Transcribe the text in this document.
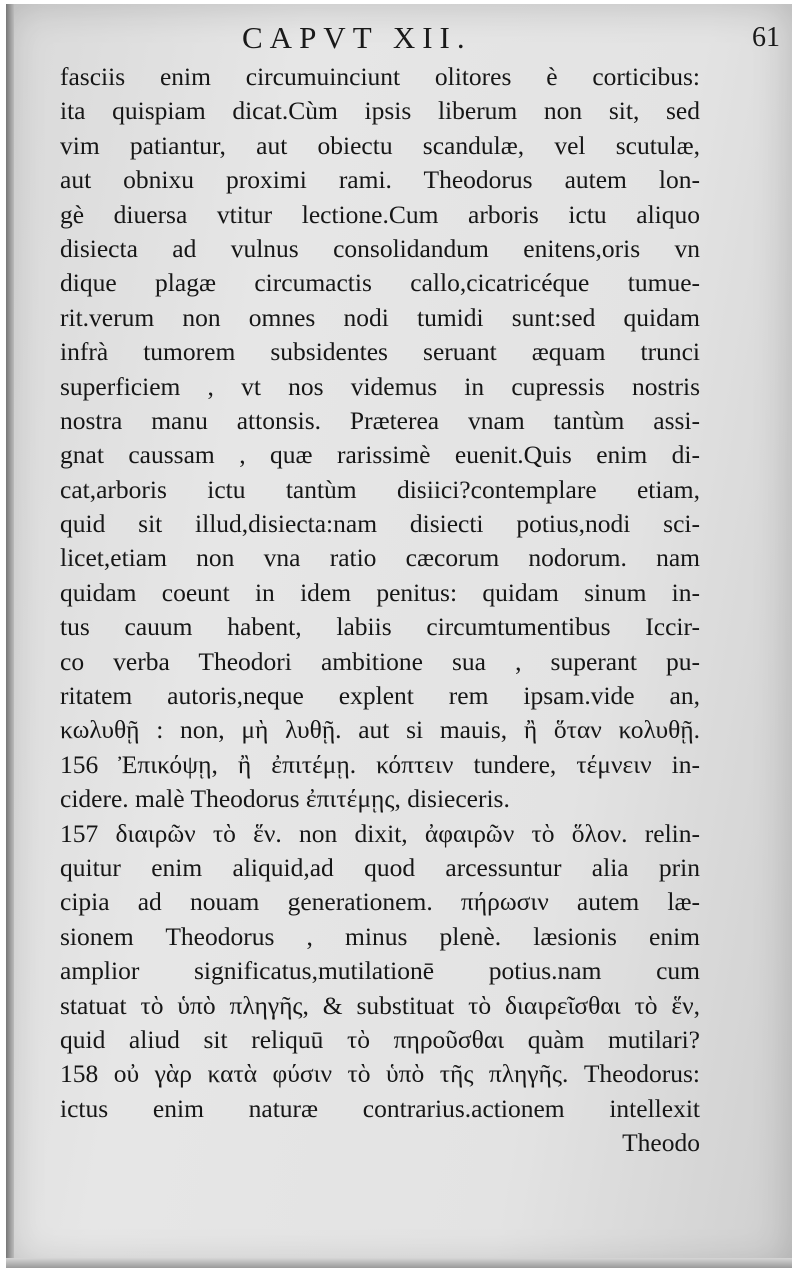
CAPVT XII.	61
fasciis enim circumuinciunt olitores è corticibus:
ita quispiam dicat.Cùm ipsis liberum non sit, sed
vim patiantur, aut obiectu scandulæ, vel scutulæ,
aut obnixu proximi rami. Theodorus autem lon-
gè diuersa vtitur lectione.Cum arboris ictu aliquo
disiecta ad vulnus consolidandum enitens,oris vn
dique plagæ circumactis callo,cicatricéque tumue-
rit.verum non omnes nodi tumidi sunt:sed quidam
infrà tumorem subsidentes seruant æquam trunci
superficiem , vt nos videmus in cupressis nostris
nostra manu attonsis. Præterea vnam tantùm assi-
gnat caussam , quæ rarissimè euenit.Quis enim di-
cat,arboris ictu tantùm disiici?contemplare etiam,
quid sit illud,disiecta:nam disiecti potius,nodi sci-
licet,etiam non vna ratio cæcorum nodorum. nam
quidam coeunt in idem penitus: quidam sinum in-
tus cauum habent, labiis circumtumentibus Iccir-
co verba Theodori ambitione sua , superant pu-
ritatem autoris,neque explent rem ipsam.vide an,
κωλυθῇ : non, μὴ λυθῇ. aut si mauis, ἢ ὅταν κολυθῇ.
156 Ἐπικόψῃ, ἢ ἐπιτέμῃ. κόπτειν tundere, τέμνειν in-
cidere. malè Theodorus ἐπιτέμῃς, disieceris.
157 διαιρῶν τὸ ἕν. non dixit, ἀφαιρῶν τὸ ὅλον. relin-
quitur enim aliquid,ad quod arcessuntur alia prin
cipia ad nouam generationem. πήρωσιν autem læ-
sionem Theodorus , minus plenè. læsionis enim
amplior significatus,mutilationē potius.nam cum
statuat τὸ ὑπὸ πληγῆς, & substituat τὸ διαιρεῖσθαι τὸ ἕν,
quid aliud sit reliquū τὸ πηροῦσθαι quàm mutilari?
158 οὐ γὰρ κατὰ φύσιν τὸ ὑπὸ τῆς πληγῆς. Theodorus:
ictus enim naturæ contrarius.actionem intellexit
Theodo
